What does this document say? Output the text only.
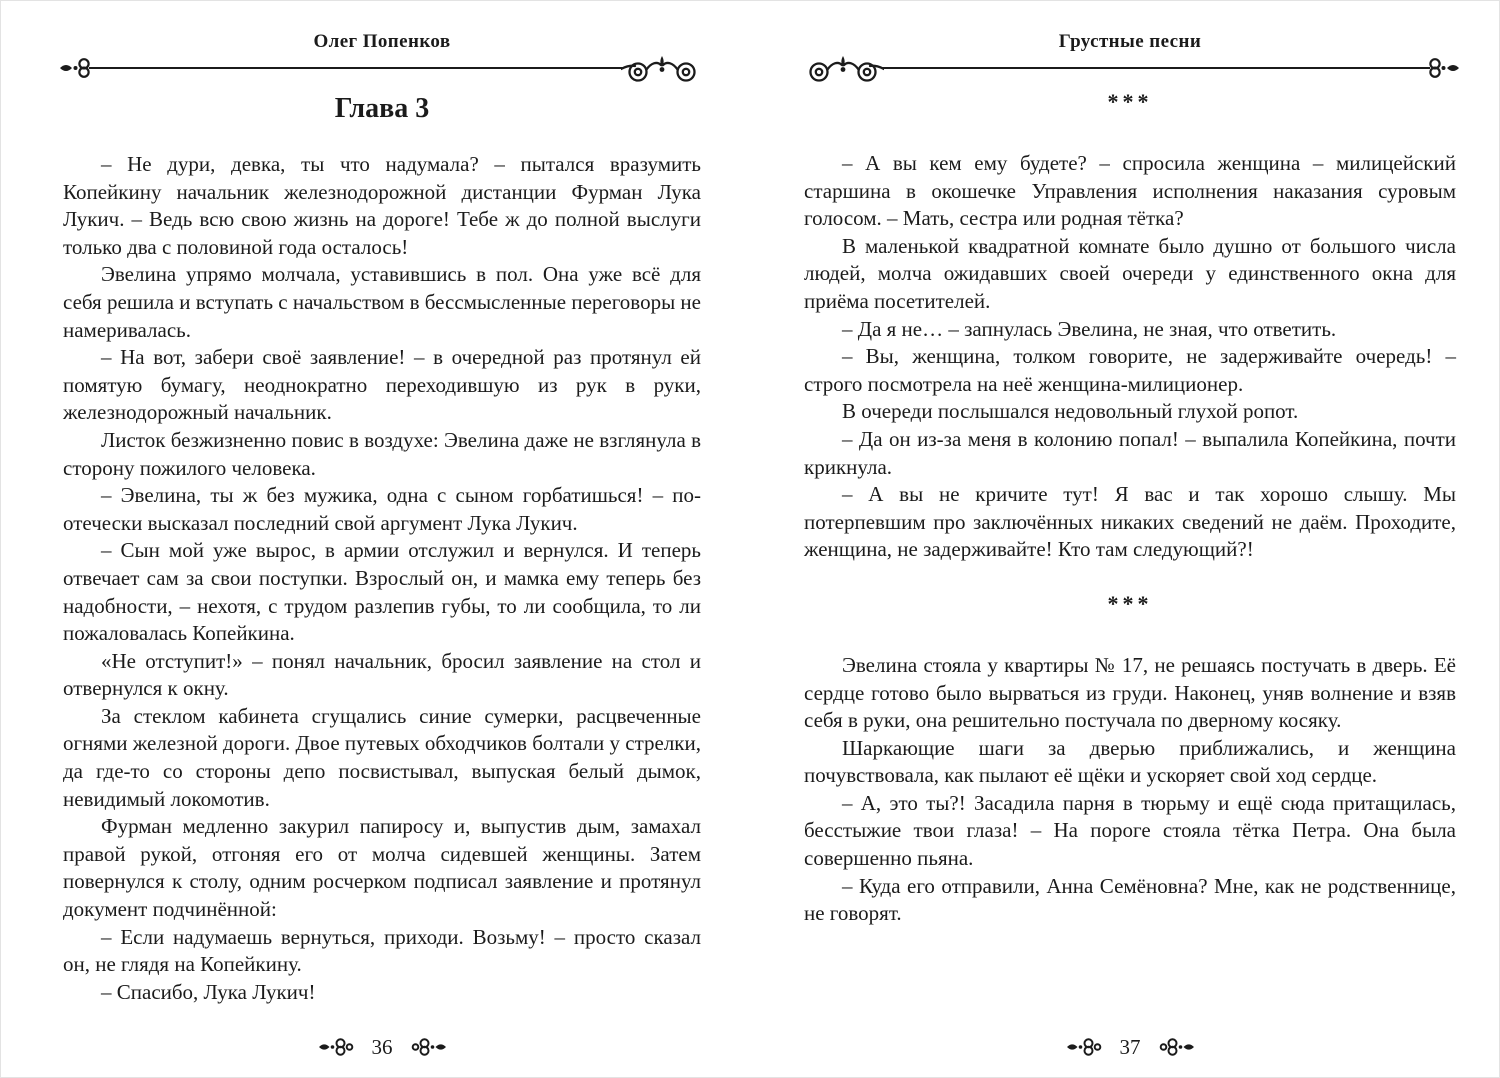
Олег Попенков
Глава 3

– Не дури, девка, ты что надумала? – пытался вразумить Копейкину начальник железнодорожной дистанции Фурман Лука Лукич. – Ведь всю свою жизнь на дороге! Тебе ж до полной выслуги только два с половиной года осталось!

Эвелина упрямо молчала, уставившись в пол. Она уже всё для себя решила и вступать с начальством в бессмысленные переговоры не намеривалась.

– На вот, забери своё заявление! – в очередной раз протянул ей помятую бумагу, неоднократно переходившую из рук в руки, железнодорожный начальник.

Листок безжизненно повис в воздухе: Эвелина даже не взглянула в сторону пожилого человека.

– Эвелина, ты ж без мужика, одна с сыном горбатишься! – по-отечески высказал последний свой аргумент Лука Лукич.

– Сын мой уже вырос, в армии отслужил и вернулся. И теперь отвечает сам за свои поступки. Взрослый он, и мамка ему теперь без надобности, – нехотя, с трудом разлепив губы, то ли сообщила, то ли пожаловалась Копейкина.

«Не отступит!» – понял начальник, бросил заявление на стол и отвернулся к окну.

За стеклом кабинета сгущались синие сумерки, расцвеченные огнями железной дороги. Двое путевых обходчиков болтали у стрелки, да где-то со стороны депо посвистывал, выпуская белый дымок, невидимый локомотив.

Фурман медленно закурил папиросу и, выпустив дым, замахал правой рукой, отгоняя его от молча сидевшей женщины. Затем повернулся к столу, одним росчерком подписал заявление и протянул документ подчинённой:

– Если надумаешь вернуться, приходи. Возьму! – просто сказал он, не глядя на Копейкину.

– Спасибо, Лука Лукич!

36
Грустные песни

***

– А вы кем ему будете? – спросила женщина – милицейский старшина в окошечке Управления исполнения наказания суровым голосом. – Мать, сестра или родная тётка?

В маленькой квадратной комнате было душно от большого числа людей, молча ожидавших своей очереди у единственного окна для приёма посетителей.

– Да я не… – запнулась Эвелина, не зная, что ответить.

– Вы, женщина, толком говорите, не задерживайте очередь! – строго посмотрела на неё женщина-милиционер.

В очереди послышался недовольный глухой ропот.

– Да он из-за меня в колонию попал! – выпалила Копейкина, почти крикнула.

– А вы не кричите тут! Я вас и так хорошо слышу. Мы потерпевшим про заключённых никаких сведений не даём. Проходите, женщина, не задерживайте! Кто там следующий?!

***

Эвелина стояла у квартиры № 17, не решаясь постучать в дверь. Её сердце готово было вырваться из груди. Наконец, уняв волнение и взяв себя в руки, она решительно постучала по дверному косяку.

Шаркающие шаги за дверью приближались, и женщина почувствовала, как пылают её щёки и ускоряет свой ход сердце.

– А, это ты?! Засадила парня в тюрьму и ещё сюда притащилась, бесстыжие твои глаза! – На пороге стояла тётка Петра. Она была совершенно пьяна.

– Куда его отправили, Анна Семёновна? Мне, как не родственнице, не говорят.

37
